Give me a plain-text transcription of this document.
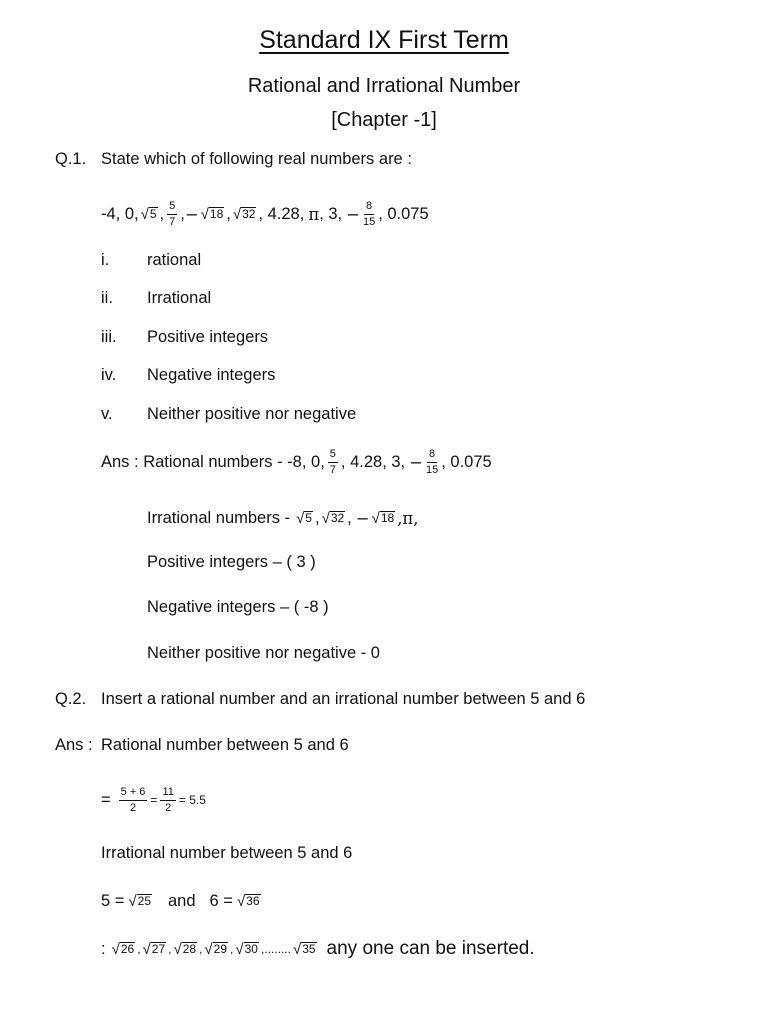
Standard IX First Term
Rational and Irrational Number
[Chapter -1]
Q.1. State which of following real numbers are :
-4, 0, √ 5 , $\frac{5}{7}$ , − √ 18 , √ 32 , 4.28, π , 3, − $\frac{8}{15}$ , 0.075
i. rational
ii. Irrational
iii. Positive integers
iv. Negative integers
v. Neither positive nor negative
Ans :
Rational numbers - -8, 0, $\frac{5}{7}$ , 4.28, 3, − $\frac{8}{15}$ , 0.075
Irrational numbers - √ 5 , √ 32 , − √ 18 ,π,
Positive integers – ( 3 )
Negative integers – ( -8 )
Neither positive nor negative - 0
Q.2. Insert a rational number and an irrational number between 5 and 6
Ans : Rational number between 5 and 6
= $\frac{5 + 6}{2} = \frac{11}{2} = 5.5$
Irrational number between 5 and 6
5 = √ 25 and 6 = √ 36
: √ 26 , √ 27 , √ 28 , √ 29 , √ 30 ,........ √ 35 any one can be inserted.
